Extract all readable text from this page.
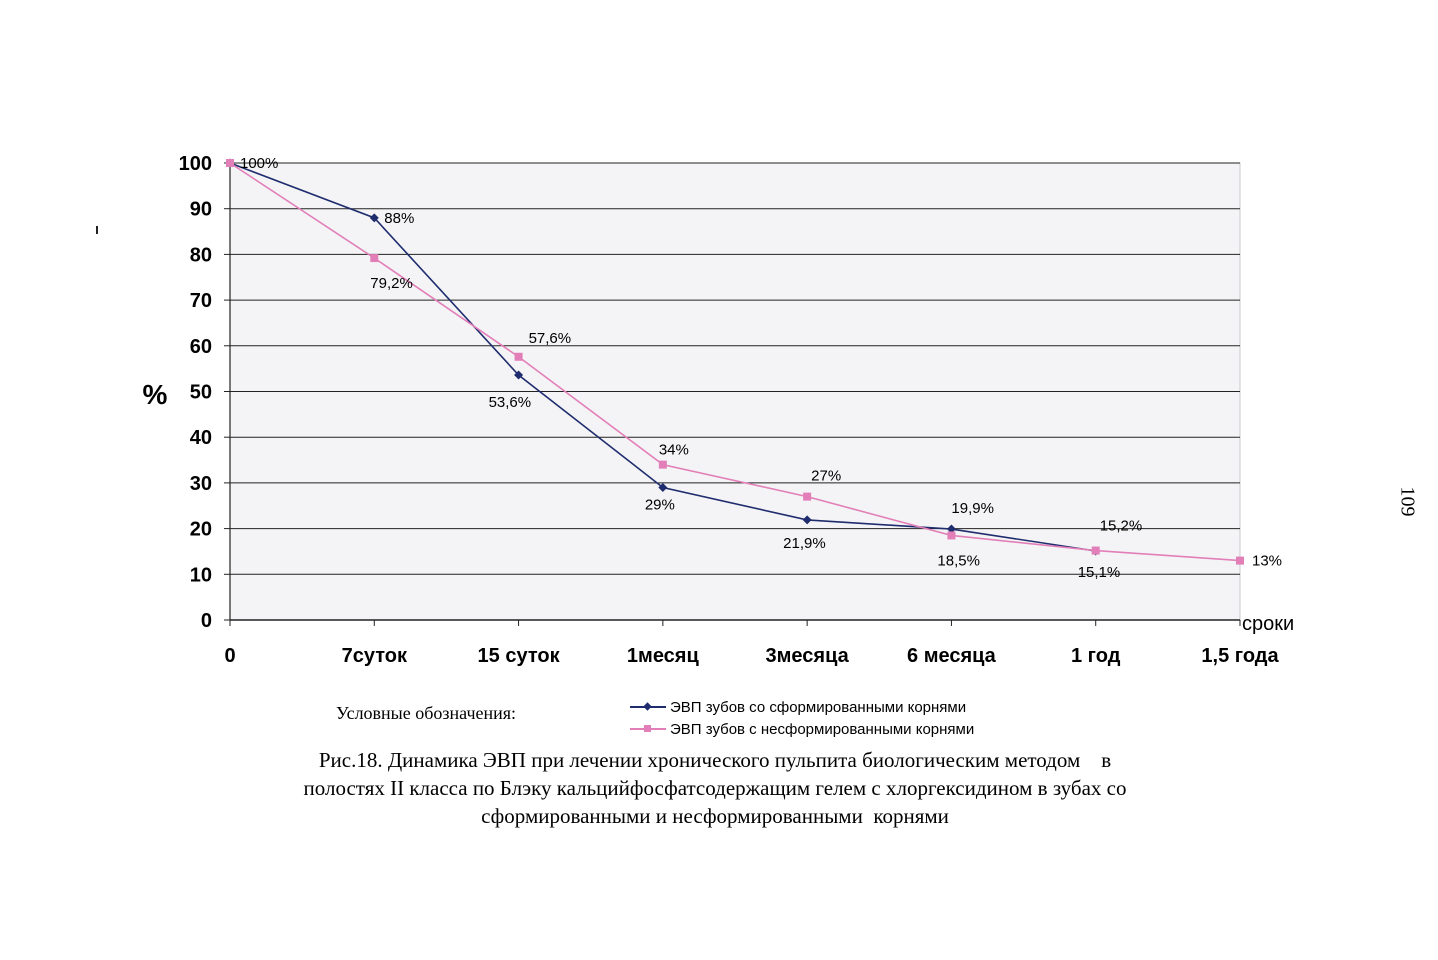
0
10
20
30
40
50
60
70
80
90
100
0	7суток	15 суток	1месяц	3месяца	6 месяца	1 год	1,5 года
100%
88%
53,6%
29%
21,9%
19,9%
15,1%
79,2%
57,6%
34%
27%
18,5%
15,2%
13%
%
сроки
Условные обозначения:	ЭВП зубов со сформированными корнями
ЭВП зубов с несформированными корнями
Рис.18. Динамика ЭВП при лечении хронического пульпита биологическим методом    в
полостях II класса по Блэку кальцийфосфатсодержащим гелем с хлоргексидином в зубах со
сформированными и несформированными  корнями
109
